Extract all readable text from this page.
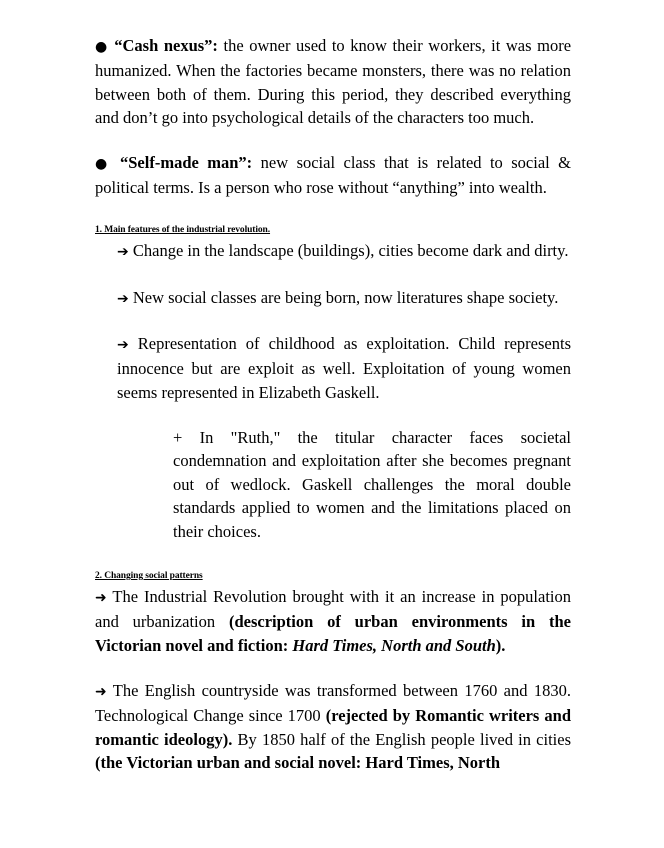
● “Cash nexus”: the owner used to know their workers, it was more humanized. When the factories became monsters, there was no relation between both of them. During this period, they described everything and don’t go into psychological details of the characters too much.

● “Self-made man”: new social class that is related to social & political terms. Is a person who rose without “anything” into wealth.

1. Main features of the industrial revolution.

➔ Change in the landscape (buildings), cities become dark and dirty.

➔ New social classes are being born, now literatures shape society.

➔ Representation of childhood as exploitation. Child represents innocence but are exploit as well. Exploitation of young women seems represented in Elizabeth Gaskell.

+ In "Ruth," the titular character faces societal condemnation and exploitation after she becomes pregnant out of wedlock. Gaskell challenges the moral double standards applied to women and the limitations placed on their choices.

2. Changing social patterns

➜ The Industrial Revolution brought with it an increase in population and urbanization (description of urban environments in the Victorian novel and fiction: Hard Times, North and South).

➜ The English countryside was transformed between 1760 and 1830. Technological Change since 1700 (rejected by Romantic writers and romantic ideology). By 1850 half of the English people lived in cities (the Victorian urban and social novel: Hard Times, North
